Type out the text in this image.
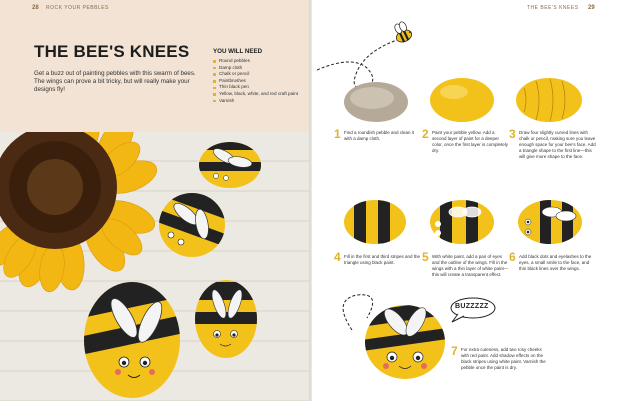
28 ROCK YOUR PEBBLES
THE BEE'S KNEES
Get a buzz out of painting pebbles with this swarm of bees. The wings can prove a bit tricky, but will really make your designs fly!
YOU WILL NEED
Round pebbles
Damp cloth
Chalk or pencil
Paintbrushes
Thin black pen
Yellow, black, white, and red craft paint
Varnish
THE BEE'S KNEES 29
BUZZZZZ
1 Find a roundish pebble and clean it with a damp cloth.	2 Paint your pebble yellow. Add a second layer of paint for a deeper color, once the first layer is completely dry.
3 Draw four slightly curved lines with chalk or pencil, making sure you leave enough space for your bee's face. Add a triangle shape to the first line—this will give more shape to the face.
4 Fill in the first and third stripes and the triangle using black paint.	5 With white paint, add a pair of eyes and the outline of the wings. Fill in the wings with a thin layer of white paint—this will create a transparent effect.
6 Add black dots and eyelashes to the eyes, a small smile to the face, and thin black lines over the wings.
7 For extra cuteness, add two rosy cheeks with red paint. Add shadow effects on the black stripes using white paint. Varnish the pebble once the paint is dry.
